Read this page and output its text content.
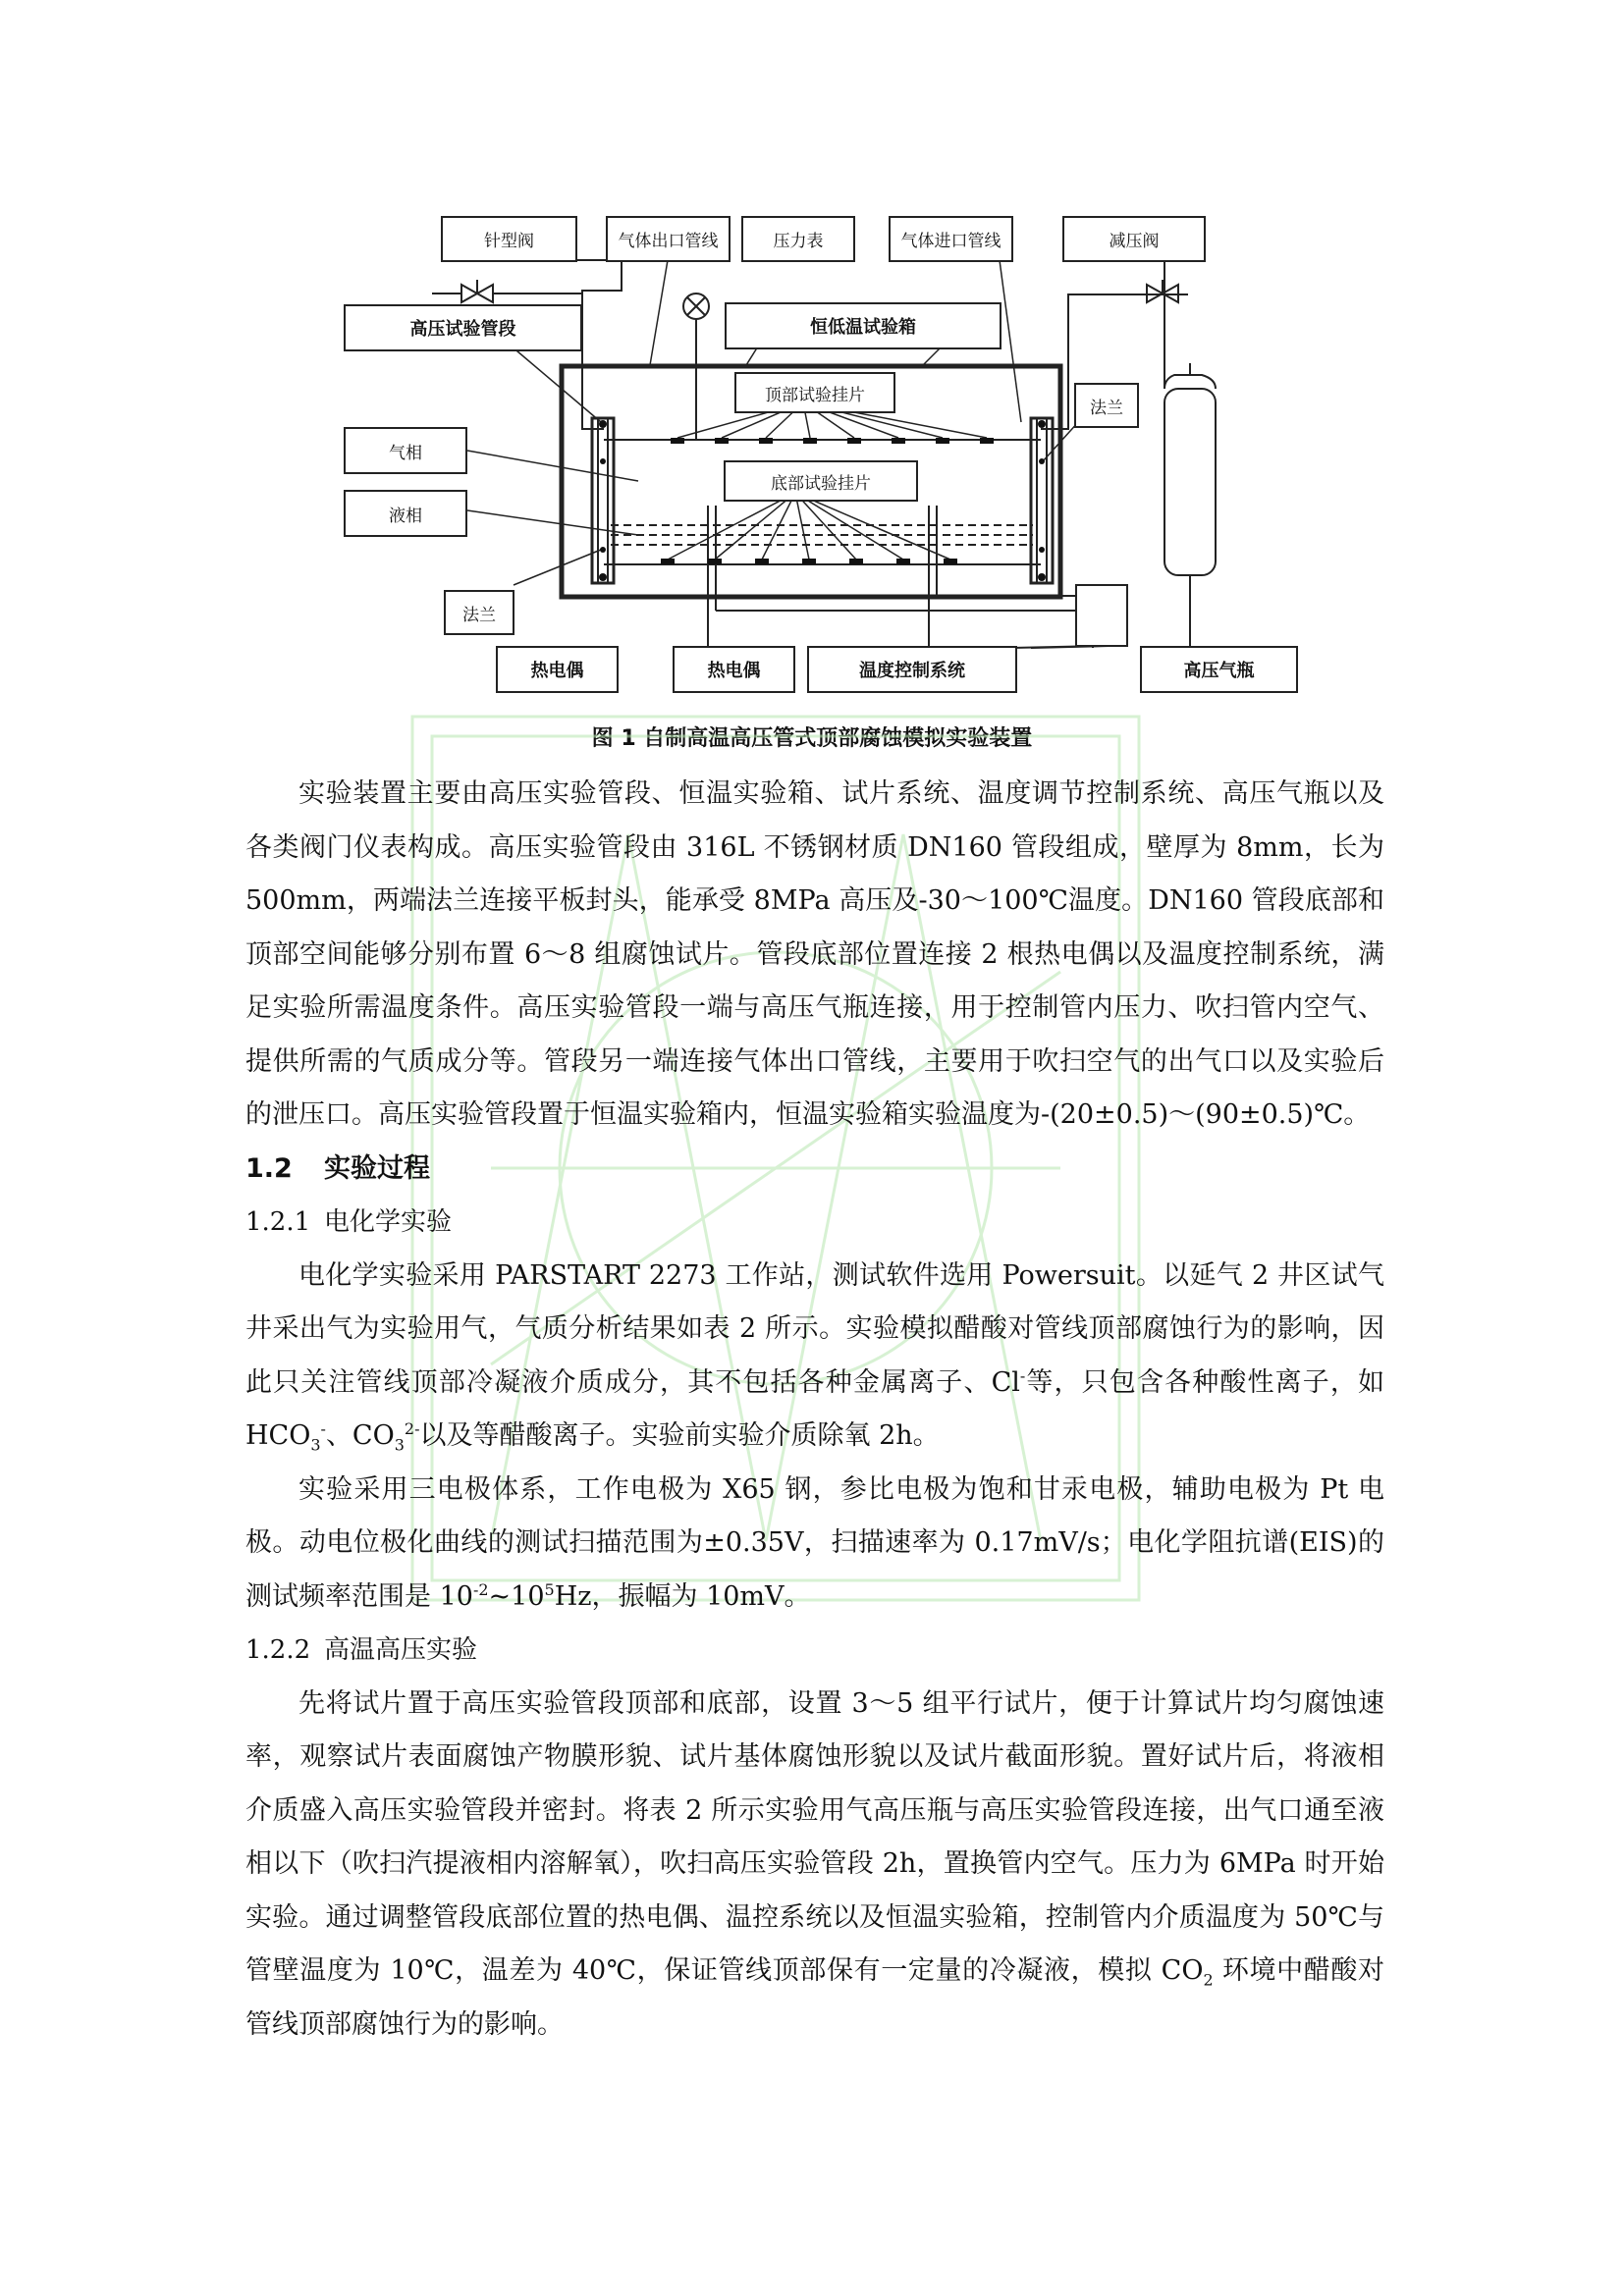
针型阀	气体出口管线	压力表	气体进口管线	减压阀
高压试验管段	恒低温试验箱
顶部试验挂片
底部试验挂片
气相
液相
法兰
法兰
热电偶	热电偶	温度控制系统	高压气瓶
图 1 自制高温高压管式顶部腐蚀模拟实验装置

实验装置主要由高压实验管段、恒温实验箱、试片系统、温度调节控制系统、高压气瓶以及各类阀门仪表构成。高压实验管段由 316L 不锈钢材质 DN160 管段组成，壁厚为 8mm，长为 500mm，两端法兰连接平板封头，能承受 8MPa 高压及-30～100℃温度。DN160 管段底部和顶部空间能够分别布置 6～8 组腐蚀试片。管段底部位置连接 2 根热电偶以及温度控制系统，满足实验所需温度条件。高压实验管段一端与高压气瓶连接，用于控制管内压力、吹扫管内空气、提供所需的气质成分等。管段另一端连接气体出口管线，主要用于吹扫空气的出气口以及实验后的泄压口。高压实验管段置于恒温实验箱内，恒温实验箱实验温度为-(20±0.5)～(90±0.5)℃。

1.2 实验过程
1.2.1 电化学实验

电化学实验采用 PARSTART 2273 工作站，测试软件选用 Powersuit。以延气 2 井区试气井采出气为实验用气，气质分析结果如表 2 所示。实验模拟醋酸对管线顶部腐蚀行为的影响，因此只关注管线顶部冷凝液介质成分，其不包括各种金属离子、Cl-等，只包含各种酸性离子，如 $HCO_3^-$、$CO_3^{2-}$以及等醋酸离子。实验前实验介质除氧 2h。

实验采用三电极体系，工作电极为 X65 钢，参比电极为饱和甘汞电极，辅助电极为 Pt 电极。动电位极化曲线的测试扫描范围为±0.35V，扫描速率为 0.17mV/s；电化学阻抗谱(EIS)的测试频率范围是 $10^{-2}\sim 10^5Hz$，振幅为 10mV。

1.2.2 高温高压实验

先将试片置于高压实验管段顶部和底部，设置 3～5 组平行试片，便于计算试片均匀腐蚀速率，观察试片表面腐蚀产物膜形貌、试片基体腐蚀形貌以及试片截面形貌。置好试片后，将液相介质盛入高压实验管段并密封。将表 2 所示实验用气高压瓶与高压实验管段连接，出气口通至液相以下（吹扫汽提液相内溶解氧），吹扫高压实验管段 2h，置换管内空气。压力为 6MPa 时开始实验。通过调整管段底部位置的热电偶、温控系统以及恒温实验箱，控制管内介质温度为 50℃与管壁温度为 10℃，温差为 40℃，保证管线顶部保有一定量的冷凝液，模拟 $CO_2$ 环境中醋酸对管线顶部腐蚀行为的影响。
